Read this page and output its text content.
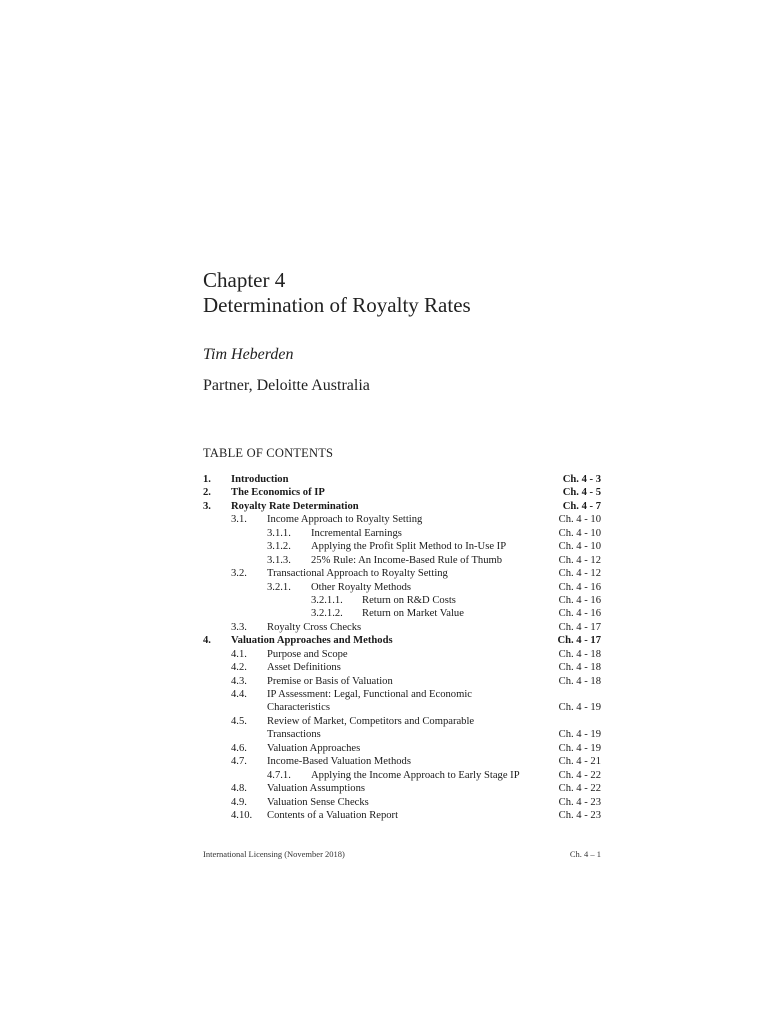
Chapter 4
Determination of Royalty Rates
Tim Heberden
Partner, Deloitte Australia
TABLE OF CONTENTS
1. Introduction	Ch. 4 - 3
2. The Economics of IP	Ch. 4 - 5
3. Royalty Rate Determination	Ch. 4 - 7
3.1. Income Approach to Royalty Setting	Ch. 4 - 10
3.1.1. Incremental Earnings	Ch. 4 - 10
3.1.2. Applying the Profit Split Method to In-Use IP	Ch. 4 - 10
3.1.3. 25% Rule: An Income-Based Rule of Thumb	Ch. 4 - 12
3.2. Transactional Approach to Royalty Setting	Ch. 4 - 12
3.2.1. Other Royalty Methods	Ch. 4 - 16
3.2.1.1. Return on R&D Costs	Ch. 4 - 16
3.2.1.2. Return on Market Value	Ch. 4 - 16
3.3. Royalty Cross Checks	Ch. 4 - 17
4. Valuation Approaches and Methods	Ch. 4 - 17
4.1. Purpose and Scope	Ch. 4 - 18
4.2. Asset Definitions	Ch. 4 - 18
4.3. Premise or Basis of Valuation	Ch. 4 - 18
4.4. IP Assessment: Legal, Functional and Economic
Characteristics	Ch. 4 - 19
4.5. Review of Market, Competitors and Comparable
Transactions	Ch. 4 - 19
4.6. Valuation Approaches	Ch. 4 - 19
4.7. Income-Based Valuation Methods	Ch. 4 - 21
4.7.1. Applying the Income Approach to Early Stage IP	Ch. 4 - 22
4.8. Valuation Assumptions	Ch. 4 - 22
4.9. Valuation Sense Checks	Ch. 4 - 23
4.10. Contents of a Valuation Report	Ch. 4 - 23
International Licensing (November 2018)	Ch. 4 – 1
